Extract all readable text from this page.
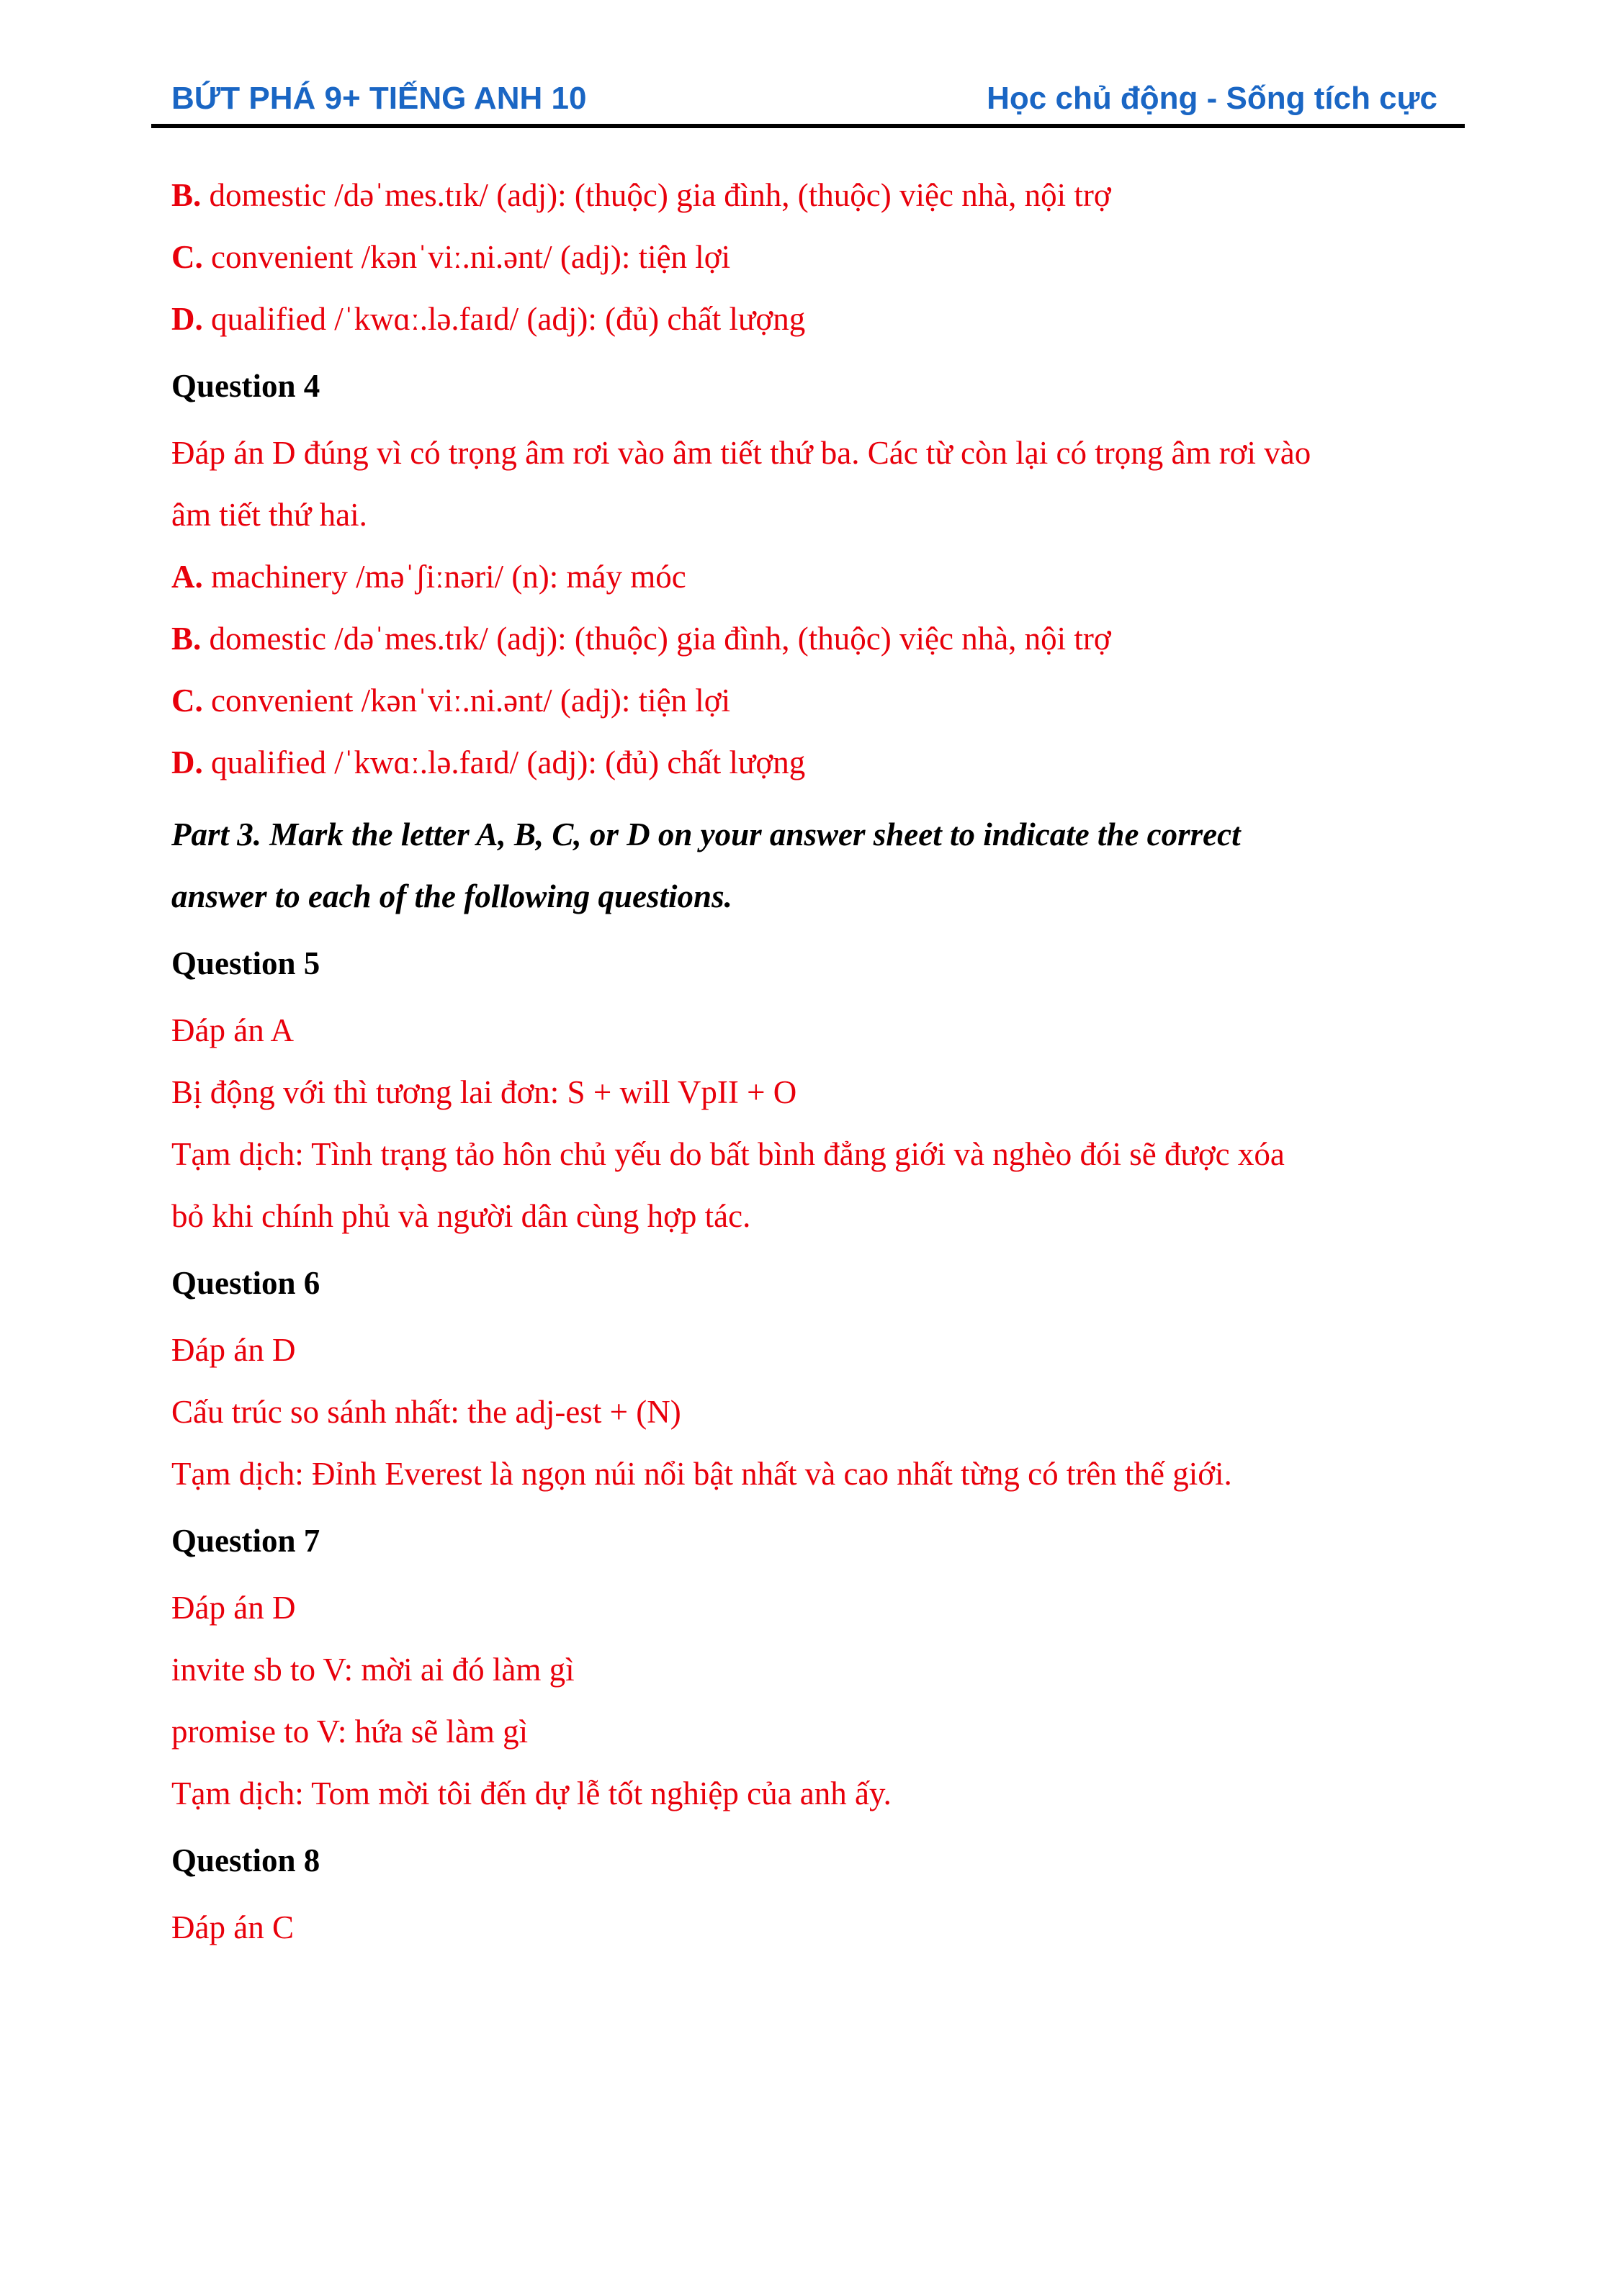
BỨT PHÁ 9+ TIẾNG ANH 10	Học chủ động - Sống tích cực
B. domestic /dəˈmes.tɪk/ (adj): (thuộc) gia đình, (thuộc) việc nhà, nội trợ
C. convenient /kənˈviː.ni.ənt/ (adj): tiện lợi
D. qualified /ˈkwɑː.lə.faɪd/ (adj): (đủ) chất lượng
Question 4
Đáp án D đúng vì có trọng âm rơi vào âm tiết thứ ba. Các từ còn lại có trọng âm rơi vào
âm tiết thứ hai.
A. machinery /məˈʃiːnəri/ (n): máy móc
B. domestic /dəˈmes.tɪk/ (adj): (thuộc) gia đình, (thuộc) việc nhà, nội trợ
C. convenient /kənˈviː.ni.ənt/ (adj): tiện lợi
D. qualified /ˈkwɑː.lə.faɪd/ (adj): (đủ) chất lượng
Part 3. Mark the letter A, B, C, or D on your answer sheet to indicate the correct
answer to each of the following questions.
Question 5
Đáp án A
Bị động với thì tương lai đơn: S + will VpII + O
Tạm dịch: Tình trạng tảo hôn chủ yếu do bất bình đẳng giới và nghèo đói sẽ được xóa
bỏ khi chính phủ và người dân cùng hợp tác.
Question 6
Đáp án D
Cấu trúc so sánh nhất: the adj-est + (N)
Tạm dịch: Đỉnh Everest là ngọn núi nổi bật nhất và cao nhất từng có trên thế giới.
Question 7
Đáp án D
invite sb to V: mời ai đó làm gì
promise to V: hứa sẽ làm gì
Tạm dịch: Tom mời tôi đến dự lễ tốt nghiệp của anh ấy.
Question 8
Đáp án C
